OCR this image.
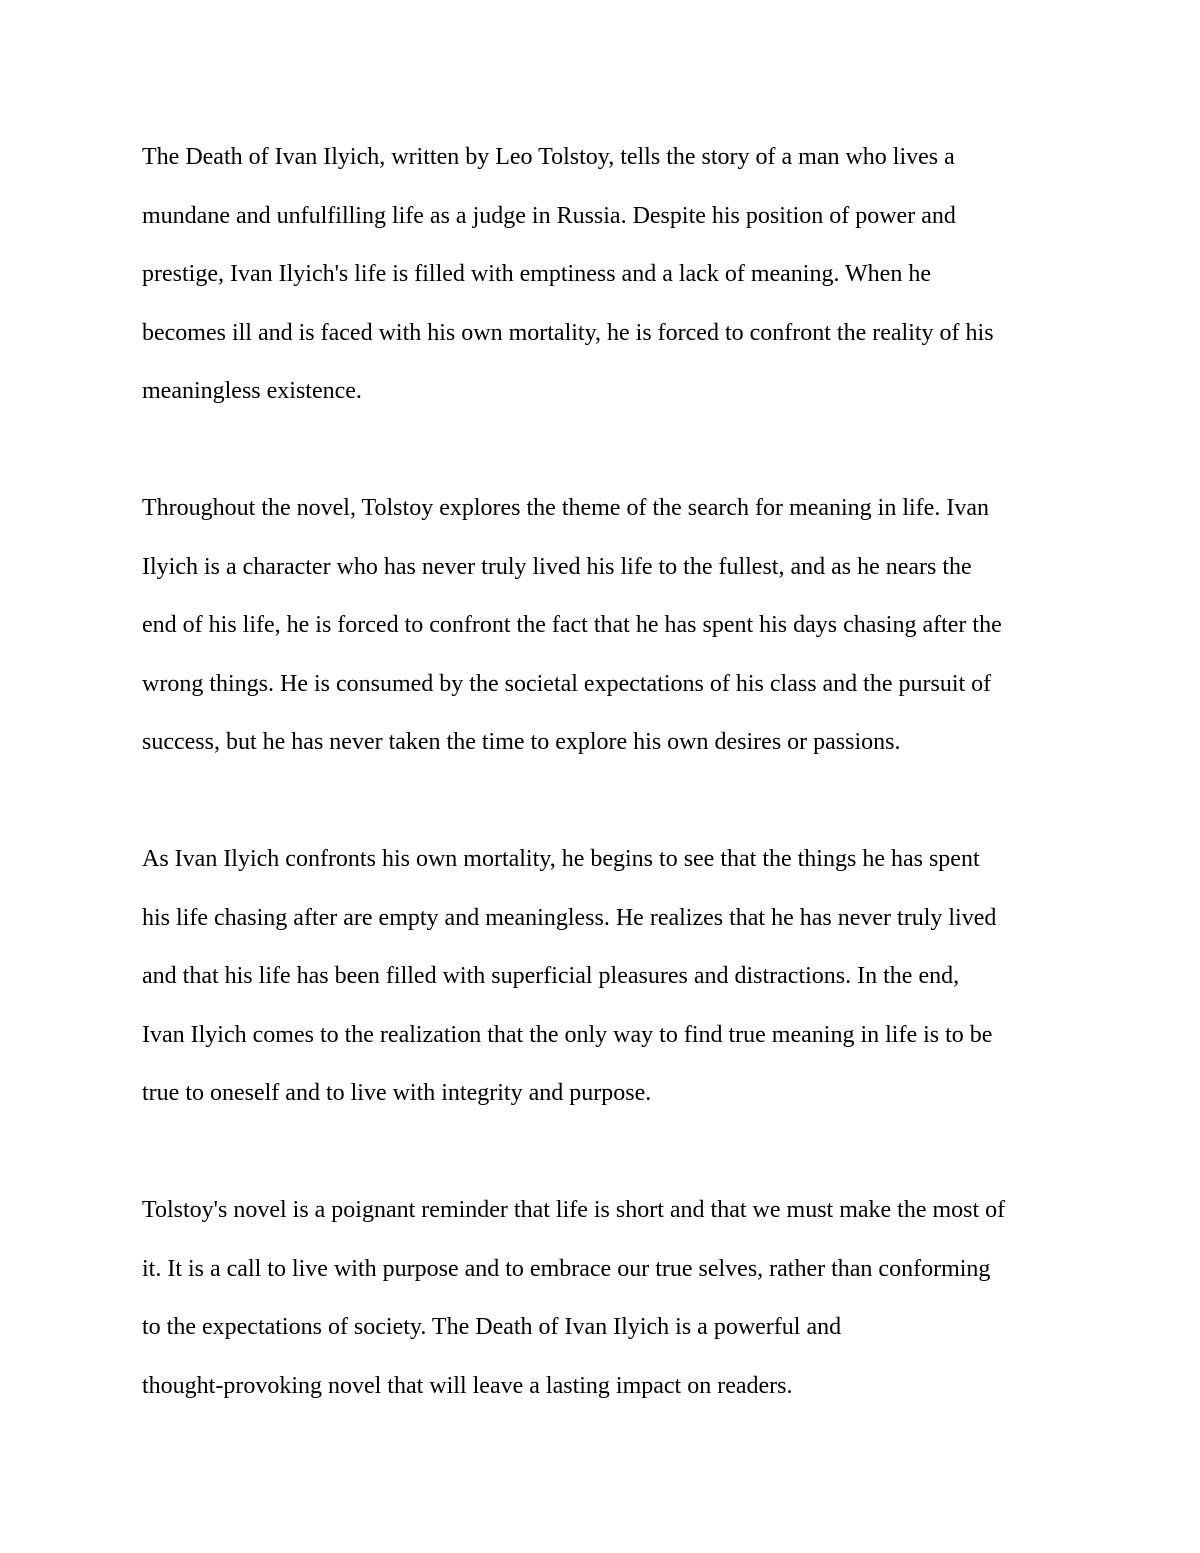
The Death of Ivan Ilyich, written by Leo Tolstoy, tells the story of a man who lives a
mundane and unfulfilling life as a judge in Russia. Despite his position of power and
prestige, Ivan Ilyich's life is filled with emptiness and a lack of meaning. When he
becomes ill and is faced with his own mortality, he is forced to confront the reality of his
meaningless existence.

Throughout the novel, Tolstoy explores the theme of the search for meaning in life. Ivan
Ilyich is a character who has never truly lived his life to the fullest, and as he nears the
end of his life, he is forced to confront the fact that he has spent his days chasing after the
wrong things. He is consumed by the societal expectations of his class and the pursuit of
success, but he has never taken the time to explore his own desires or passions.

As Ivan Ilyich confronts his own mortality, he begins to see that the things he has spent
his life chasing after are empty and meaningless. He realizes that he has never truly lived
and that his life has been filled with superficial pleasures and distractions. In the end,
Ivan Ilyich comes to the realization that the only way to find true meaning in life is to be
true to oneself and to live with integrity and purpose.

Tolstoy's novel is a poignant reminder that life is short and that we must make the most of
it. It is a call to live with purpose and to embrace our true selves, rather than conforming
to the expectations of society. The Death of Ivan Ilyich is a powerful and
thought-provoking novel that will leave a lasting impact on readers.
